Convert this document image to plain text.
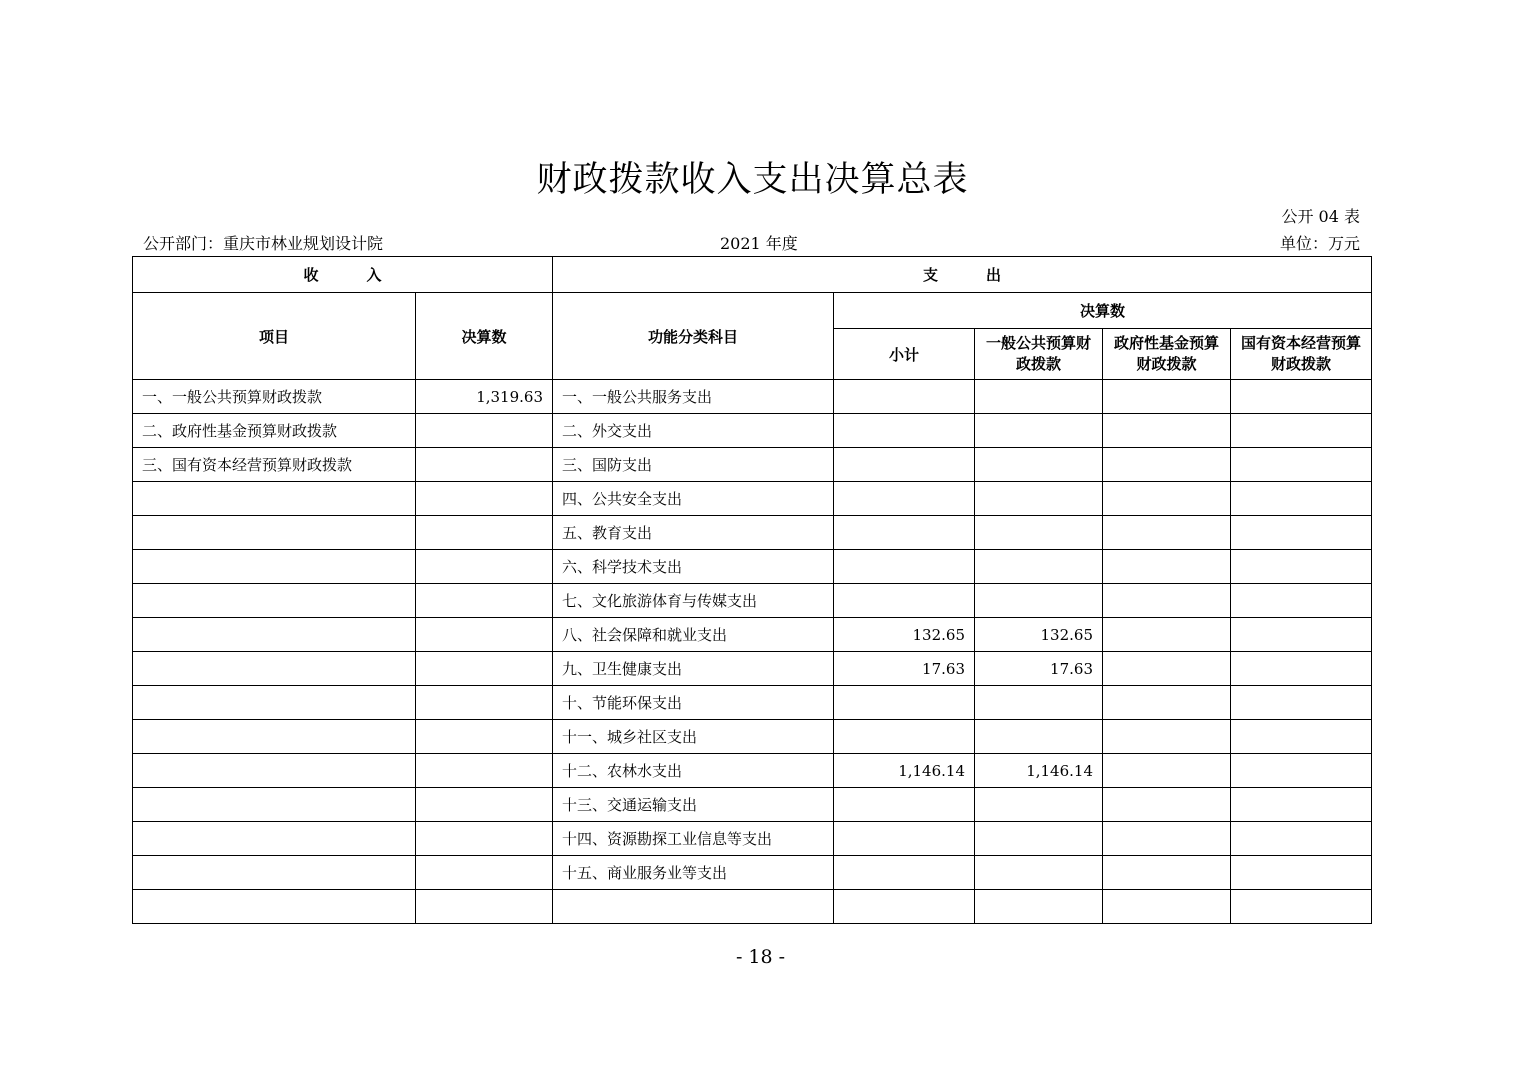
财政拨款收入支出决算总表
公开 04 表
公开部门：重庆市林业规划设计院	2021 年度	单位：万元
收 入		支 出				
项目	决算数	功能分类科目	决算数			
			小计	一般公共预算财政拨款	政府性基金预算财政拨款	国有资本经营预算财政拨款
一、一般公共预算财政拨款	1,319.63	一、一般公共服务支出				
二、政府性基金预算财政拨款		二、外交支出				
三、国有资本经营预算财政拨款		三、国防支出				
		四、公共安全支出				
		五、教育支出				
		六、科学技术支出				
		七、文化旅游体育与传媒支出				
		八、社会保障和就业支出	132.65	132.65		
		九、卫生健康支出	17.63	17.63		
		十、节能环保支出				
		十一、城乡社区支出				
		十二、农林水支出	1,146.14	1,146.14		
		十三、交通运输支出				
		十四、资源勘探工业信息等支出				
		十五、商业服务业等支出				

- 18 -
